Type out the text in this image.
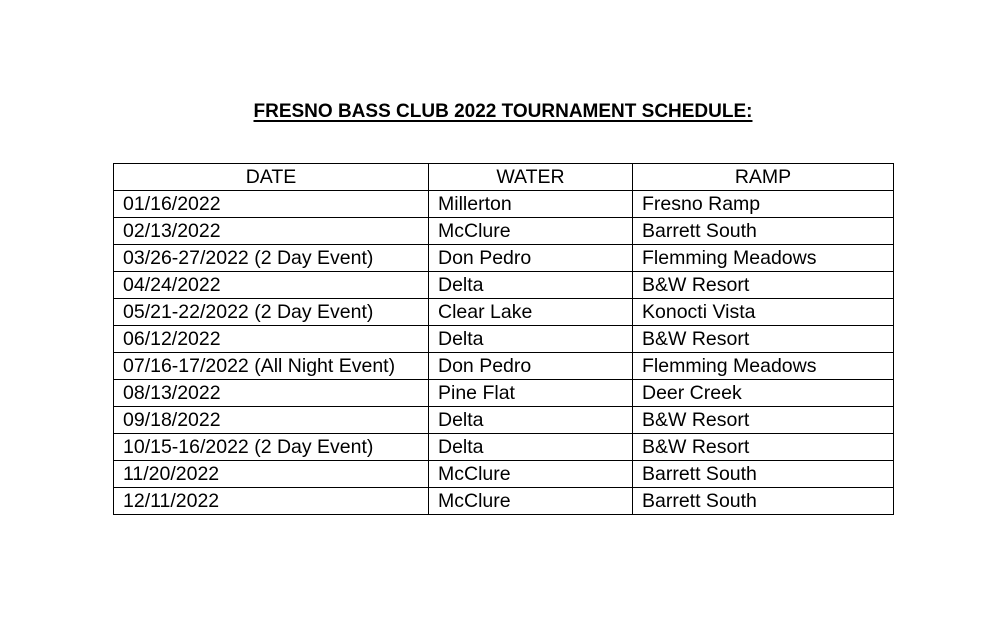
FRESNO BASS CLUB 2022 TOURNAMENT SCHEDULE:
DATE	WATER	RAMP
01/16/2022	Millerton	Fresno Ramp
02/13/2022	McClure	Barrett South
03/26-27/2022 (2 Day Event)	Don Pedro	Flemming Meadows
04/24/2022	Delta	B&W Resort
05/21-22/2022 (2 Day Event)	Clear Lake	Konocti Vista
06/12/2022	Delta	B&W Resort
07/16-17/2022 (All Night Event)	Don Pedro	Flemming Meadows
08/13/2022	Pine Flat	Deer Creek
09/18/2022	Delta	B&W Resort
10/15-16/2022 (2 Day Event)	Delta	B&W Resort
11/20/2022	McClure	Barrett South
12/11/2022	McClure	Barrett South
